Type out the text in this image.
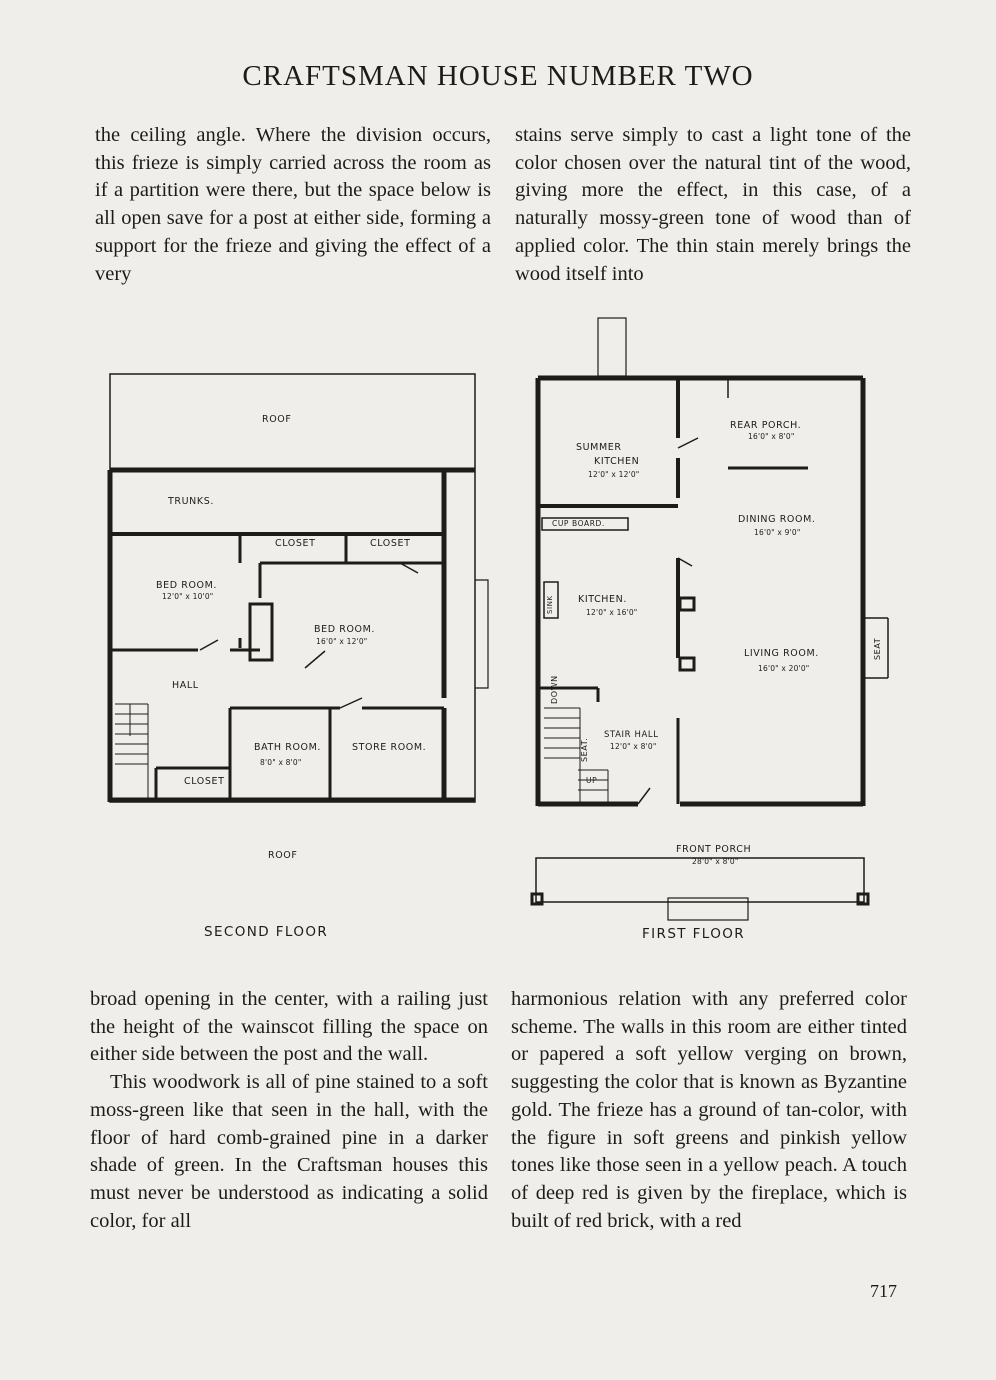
CRAFTSMAN HOUSE NUMBER TWO

the ceiling angle. Where the division occurs, this frieze is simply carried across the room as if a partition were there, but the space below is all open save for a post at either side, forming a support for the frieze and giving the effect of a very

stains serve simply to cast a light tone of the color chosen over the natural tint of the wood, giving more the effect, in this case, of a naturally mossy-green tone of wood than of applied color. The thin stain merely brings the wood itself into

ROOF
TRUNKS.
CLOSET	CLOSET
BED ROOM.
12'0" x 10'0"
BED ROOM.
16'0" x 12'0"
HALL
BATH ROOM.
8'0" x 8'0"
STORE ROOM.
CLOSET
ROOF
SECOND FLOOR
REAR PORCH.
16'0" x 8'0"
SUMMER
KITCHEN
12'0" x 12'0"
DINING ROOM.
16'0" x 9'0"
CUP BOARD.
SINK	KITCHEN.
12'0" x 16'0"
LIVING ROOM.
16'0" x 20'0"
SEAT
DOWN
SEAT.
UP
STAIR HALL
12'0" x 8'0"
FRONT PORCH
28'0" x 8'0"
FIRST FLOOR

broad opening in the center, with a railing just the height of the wainscot filling the space on either side between the post and the wall.

This woodwork is all of pine stained to a soft moss-green like that seen in the hall, with the floor of hard comb-grained pine in a darker shade of green. In the Craftsman houses this must never be understood as indicating a solid color, for all

harmonious relation with any preferred color scheme. The walls in this room are either tinted or papered a soft yellow verging on brown, suggesting the color that is known as Byzantine gold. The frieze has a ground of tan-color, with the figure in soft greens and pinkish yellow tones like those seen in a yellow peach. A touch of deep red is given by the fireplace, which is built of red brick, with a red

717
